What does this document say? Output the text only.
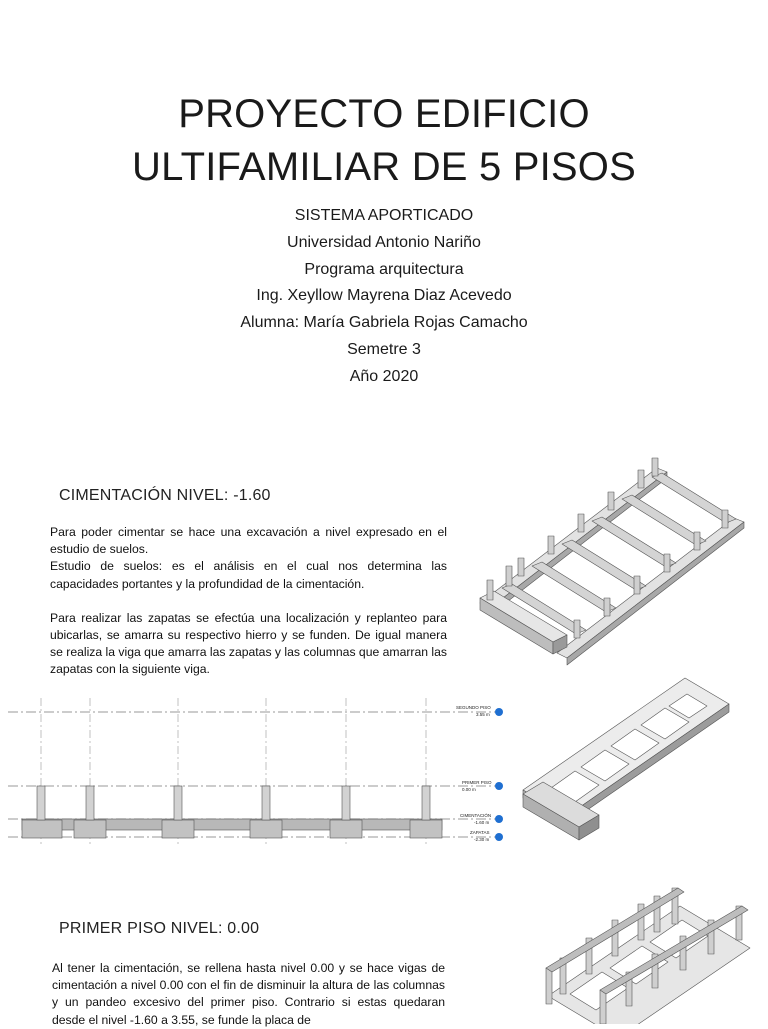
PROYECTO EDIFICIO
ULTIFAMILIAR DE 5 PISOS
SISTEMA APORTICADO
Universidad Antonio Nariño
Programa arquitectura
Ing. Xeyllow Mayrena Diaz Acevedo
Alumna: María Gabriela Rojas Camacho
Semetre 3
Año 2020
CIMENTACIÓN NIVEL: -1.60

Para poder cimentar se hace una excavación a nivel expresado en el estudio de suelos.

Estudio de suelos: es el análisis en el cual nos determina las capacidades portantes y la profundidad de la cimentación.

Para realizar las zapatas se efectúa una localización y replanteo para ubicarlas, se amarra su respectivo hierro y se funden. De igual manera se realiza la viga que amarra las zapatas y las columnas que amarran las zapatas con la siguiente viga.

SEGUNDO PISO
3.55 m
PRIMER PISO
0.00 m
CIMENTACIÓN
-1.60 m
ZAPATAS
-2.30 m
PRIMER PISO NIVEL: 0.00

Al tener la cimentación, se rellena hasta nivel 0.00 y se hace vigas de cimentación a nivel 0.00 con el fin de disminuir la altura de las columnas y un pandeo excesivo del primer piso. Contrario si estas quedaran desde el nivel -1.60 a 3.55, se funde la placa de
